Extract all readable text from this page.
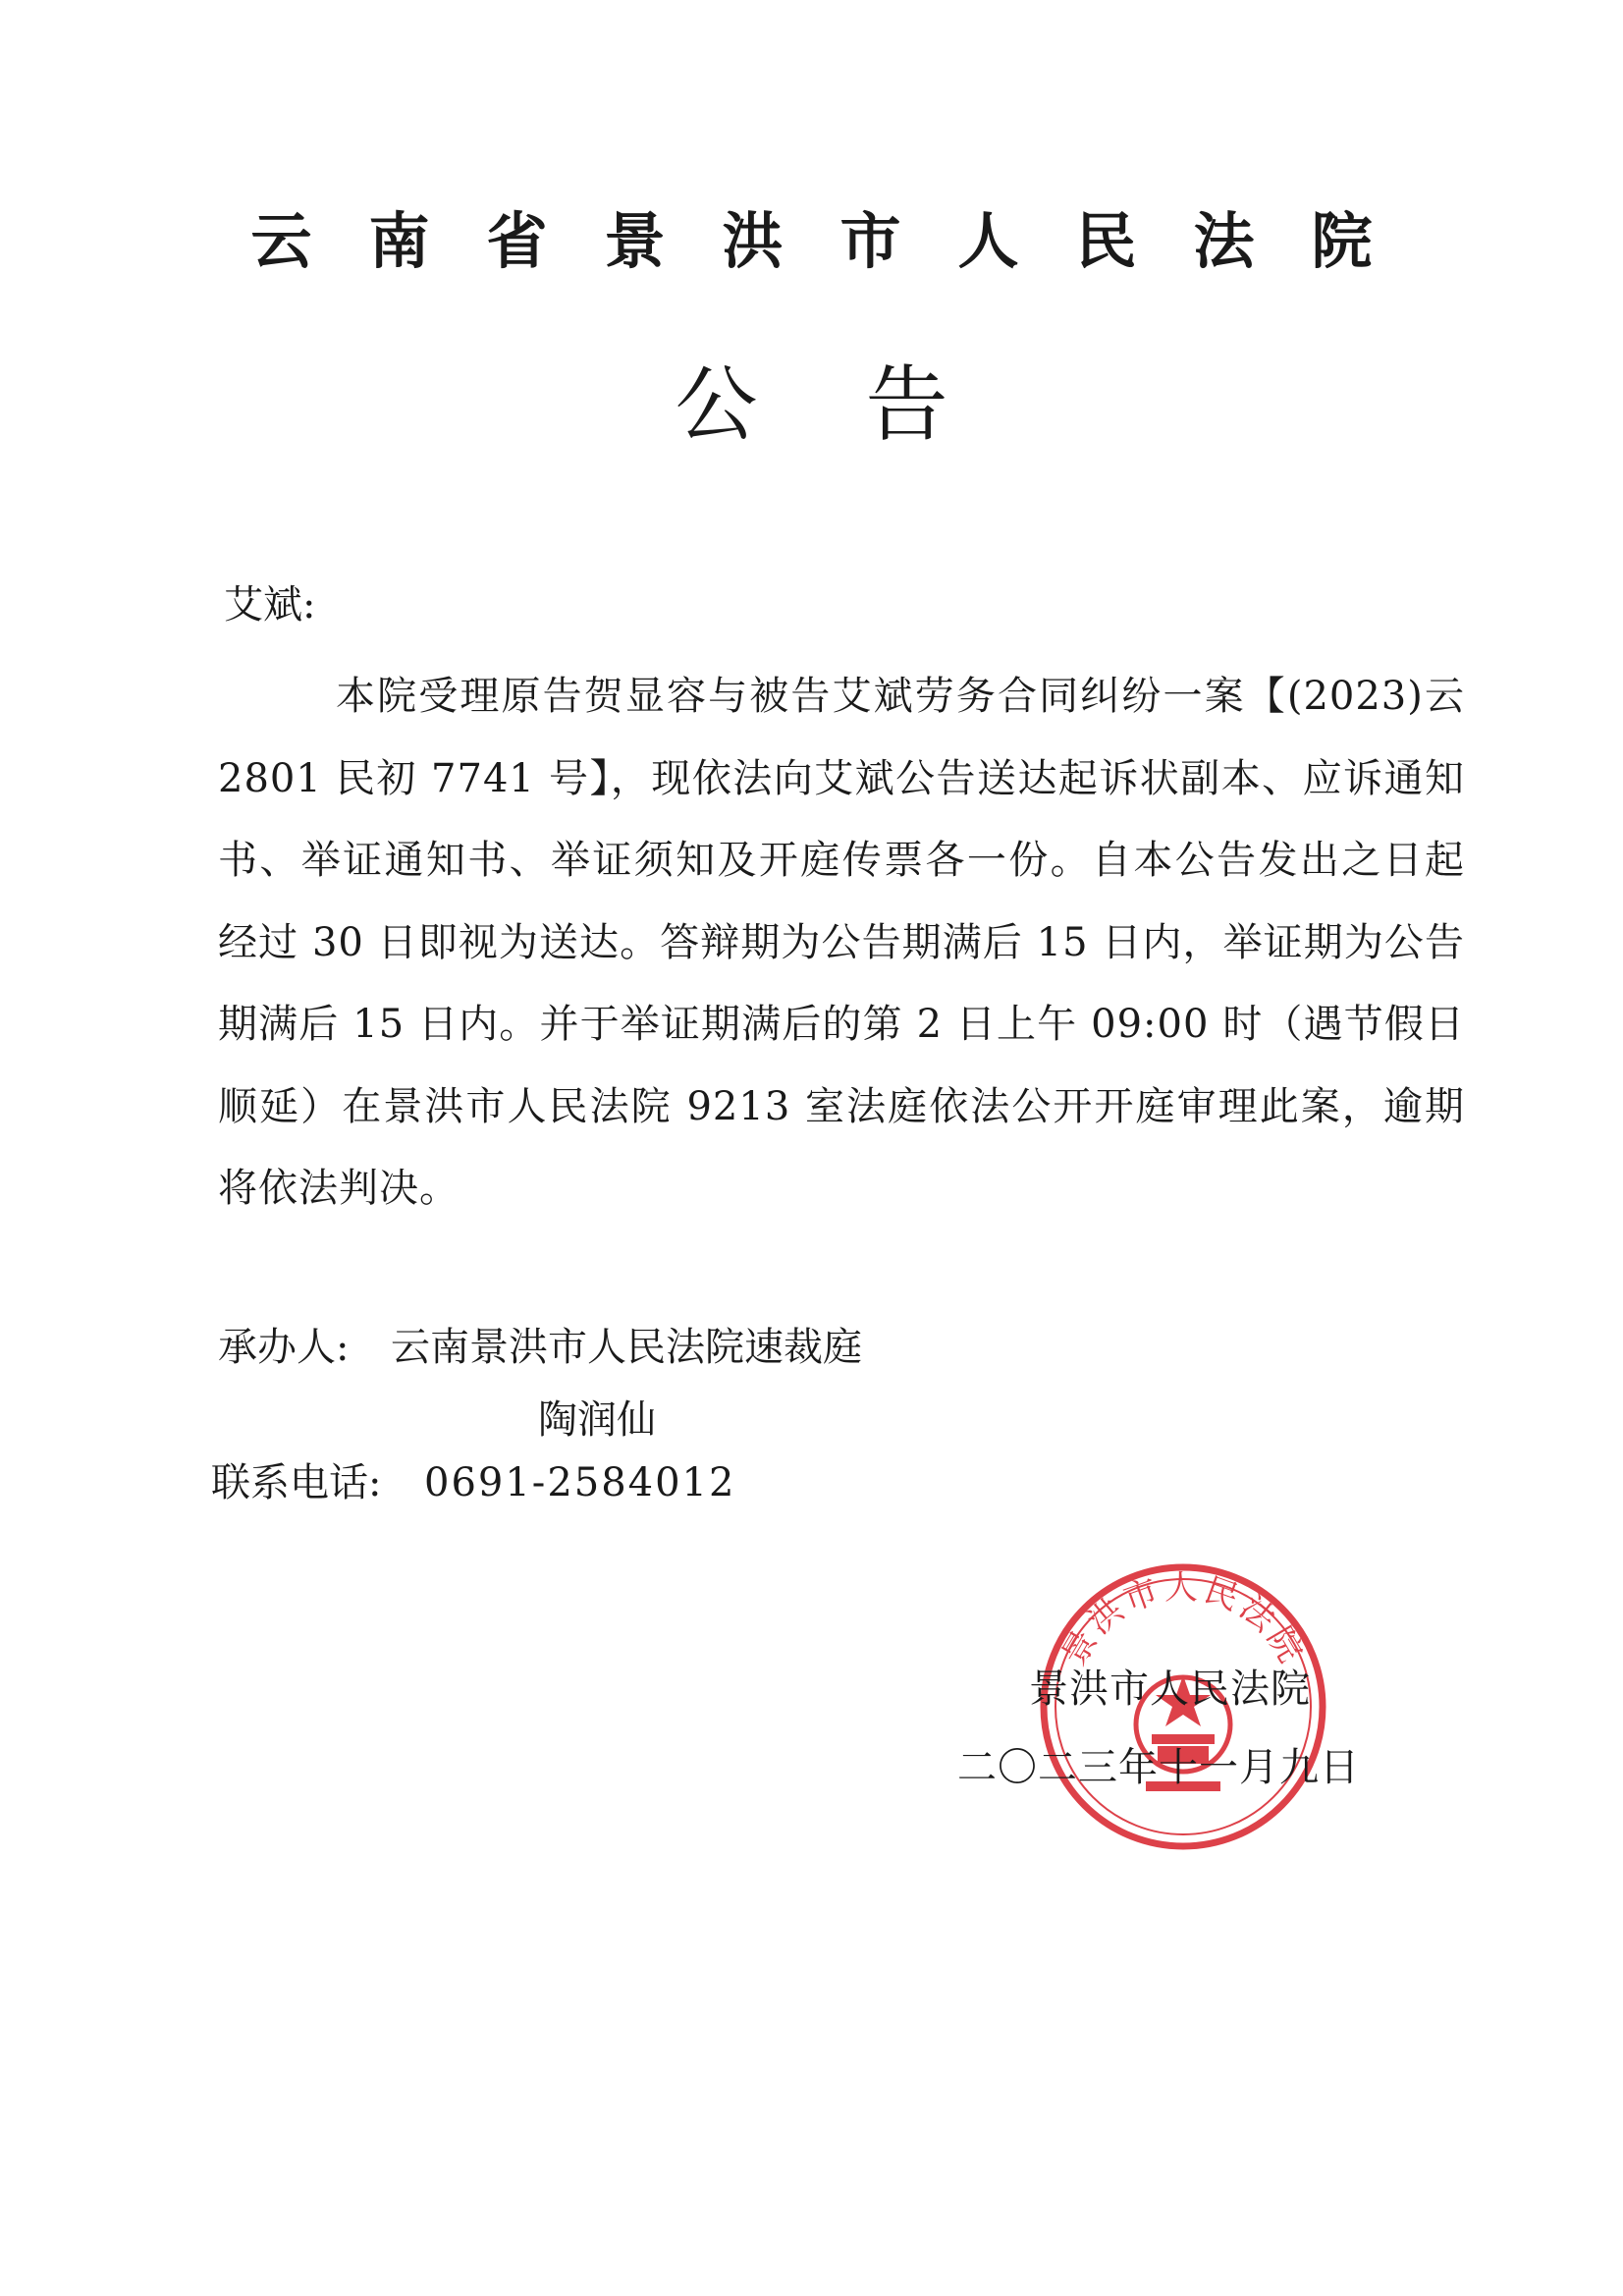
云南省景洪市人民法院
公告
艾斌:
本院受理原告贺显容与被告艾斌劳务合同纠纷一案【(2023)云 2801 民初 7741 号】，现依法向艾斌公告送达起诉状副本、应诉通知书、举证通知书、举证须知及开庭传票各一份。自本公告发出之日起经过 30 日即视为送达。答辩期为公告期满后 15 日内，举证期为公告期满后 15 日内。并于举证期满后的第 2 日上午 09:00 时（遇节假日顺延）在景洪市人民法院 9213 室法庭依法公开开庭审理此案，逾期将依法判决。
承办人: 云南景洪市人民法院速裁庭
陶润仙
联系电话: 0691-2584012
景洪市人民法院
景洪市人民法院
二〇二三年十一月九日
